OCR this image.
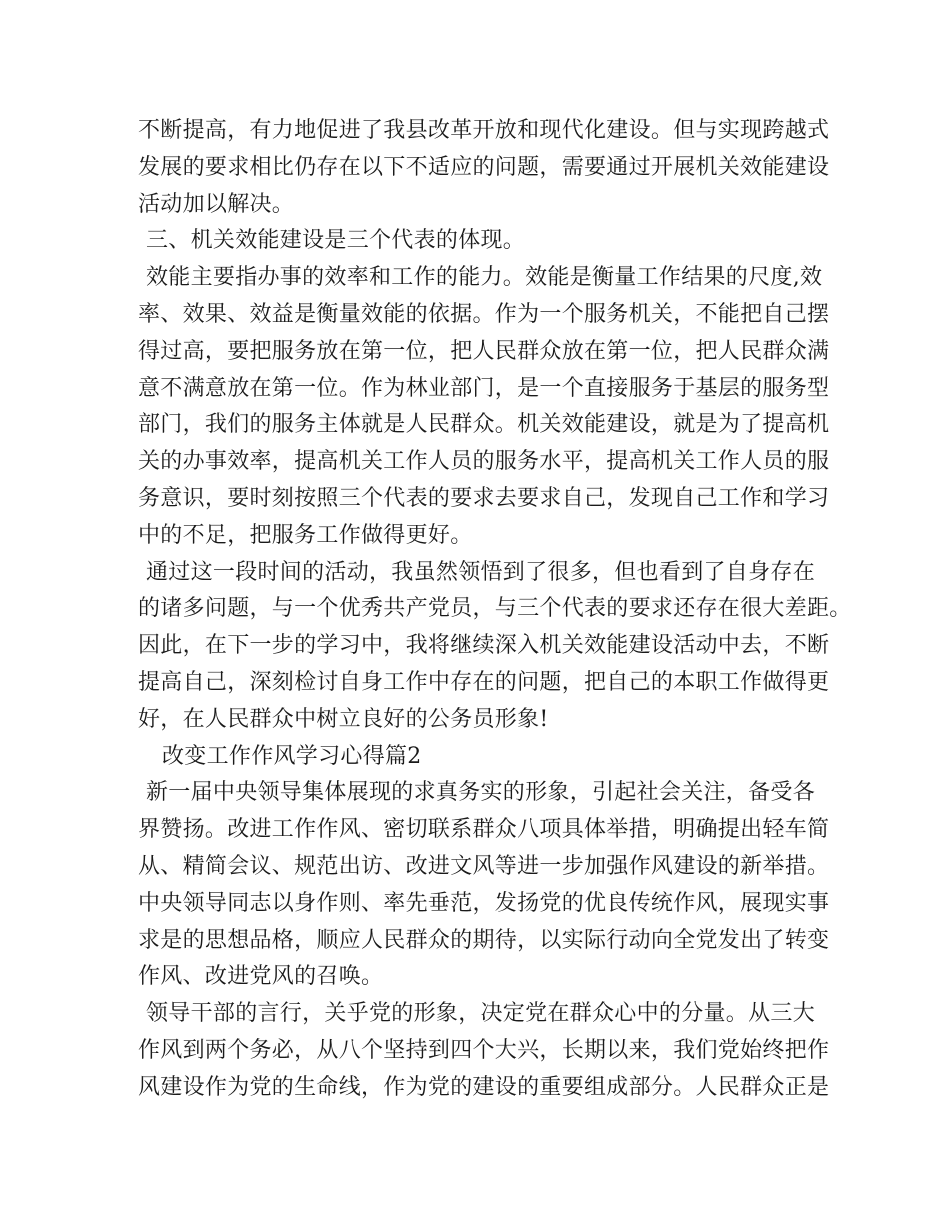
不断提高，有力地促进了我县改革开放和现代化建设。但与实现跨越式
发展的要求相比仍存在以下不适应的问题，需要通过开展机关效能建设
活动加以解决。
三、机关效能建设是三个代表的体现。
效能主要指办事的效率和工作的能力。效能是衡量工作结果的尺度,效
率、效果、效益是衡量效能的依据。作为一个服务机关，不能把自己摆
得过高，要把服务放在第一位，把人民群众放在第一位，把人民群众满
意不满意放在第一位。作为林业部门，是一个直接服务于基层的服务型
部门，我们的服务主体就是人民群众。机关效能建设，就是为了提高机
关的办事效率，提高机关工作人员的服务水平，提高机关工作人员的服
务意识，要时刻按照三个代表的要求去要求自己，发现自己工作和学习
中的不足，把服务工作做得更好。
通过这一段时间的活动，我虽然领悟到了很多，但也看到了自身存在
的诸多问题，与一个优秀共产党员，与三个代表的要求还存在很大差距。
因此，在下一步的学习中，我将继续深入机关效能建设活动中去，不断
提高自己，深刻检讨自身工作中存在的问题，把自己的本职工作做得更
好，在人民群众中树立良好的公务员形象!
改变工作作风学习心得篇2
新一届中央领导集体展现的求真务实的形象，引起社会关注，备受各
界赞扬。改进工作作风、密切联系群众八项具体举措，明确提出轻车简
从、精简会议、规范出访、改进文风等进一步加强作风建设的新举措。
中央领导同志以身作则、率先垂范，发扬党的优良传统作风，展现实事
求是的思想品格，顺应人民群众的期待，以实际行动向全党发出了转变
作风、改进党风的召唤。
领导干部的言行，关乎党的形象，决定党在群众心中的分量。从三大
作风到两个务必，从八个坚持到四个大兴，长期以来，我们党始终把作
风建设作为党的生命线，作为党的建设的重要组成部分。人民群众正是
